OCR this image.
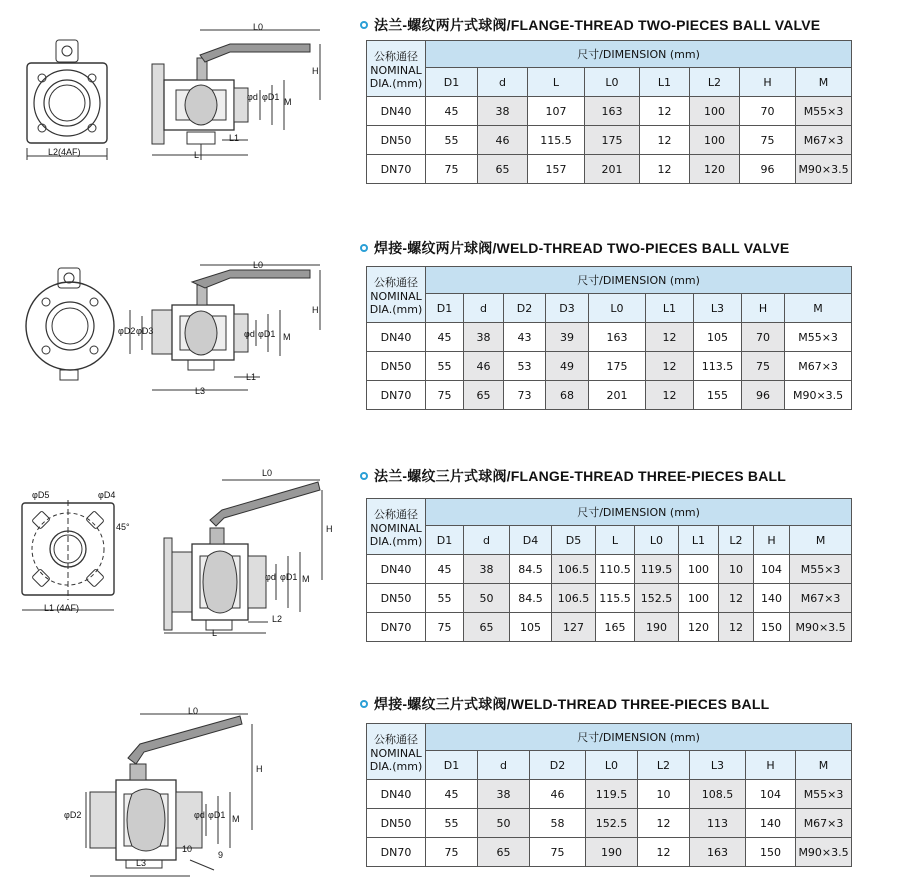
L0
H
φd φD1 M
L1
L
L2(4AF)
法兰-螺纹两片式球阀/FLANGE-THREAD TWO-PIECES BALL VALVE
公称通径
NOMINAL
DIA.(mm)	尺寸/DIMENSION (mm)							
	D1	d	L	L0	L1	L2	H	M
DN40	45	38	107	163	12	100	70	M55×3
DN50	55	46	115.5	175	12	100	75	M67×3
DN70	75	65	157	201	12	120	96	M90×3.5
L0
H
φD2 φD3	φd φD1 M
L1
L3
焊接-螺纹两片球阀/WELD-THREAD TWO-PIECES BALL VALVE
公称通径
NOMINAL
DIA.(mm)	尺寸/DIMENSION (mm)								
	D1	d	D2	D3	L0	L1	L3	H	M
DN40	45	38	43	39	163	12	105	70	M55×3
DN50	55	46	53	49	175	12	113.5	75	M67×3
DN70	75	65	73	68	201	12	155	96	M90×3.5
φD5	φD4
45°
L1 (4AF)
L0
H
φd φD1 M
L2
L
法兰-螺纹三片式球阀/FLANGE-THREAD THREE-PIECES BALL
公称通径
NOMINAL
DIA.(mm)	尺寸/DIMENSION (mm)									
	D1	d	D4	D5	L	L0	L1	L2	H	M
DN40	45	38	84.5	106.5	110.5	119.5	100	10	104	M55×3
DN50	55	50	84.5	106.5	115.5	152.5	100	12	140	M67×3
DN70	75	65	105	127	165	190	120	12	150	M90×3.5
L0
H
φD2	φd φD1 M
L3
10
9
焊接-螺纹三片式球阀/WELD-THREAD THREE-PIECES BALL
公称通径
NOMINAL
DIA.(mm)	尺寸/DIMENSION (mm)							
	D1	d	D2	L0	L2	L3	H	M
DN40	45	38	46	119.5	10	108.5	104	M55×3
DN50	55	50	58	152.5	12	113	140	M67×3
DN70	75	65	75	190	12	163	150	M90×3.5
